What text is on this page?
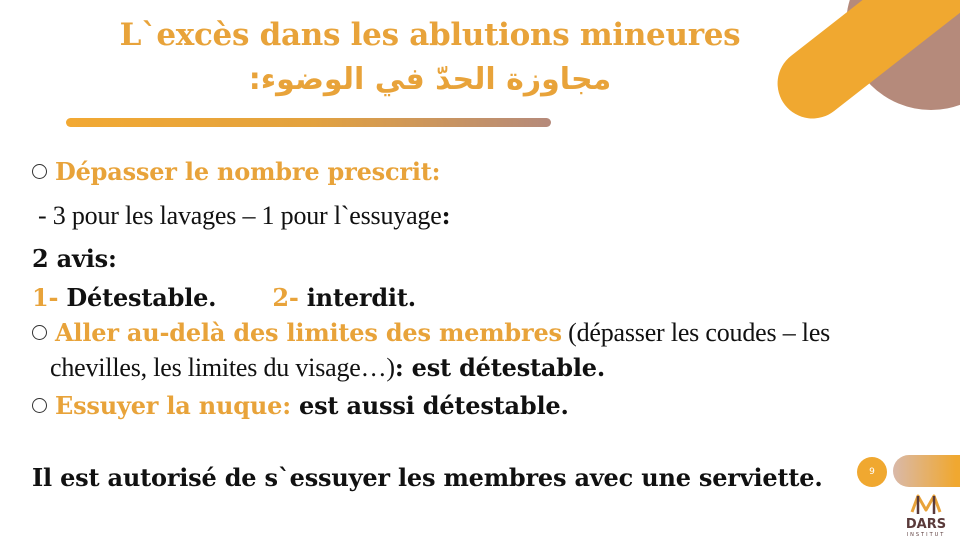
L`excès dans les ablutions mineures
مجاوزة الحدّ في الوضوء:
Dépasser le nombre prescrit:
- 3 pour les lavages – 1 pour l`essuyage:
2 avis:
1- Détestable. 2- interdit.
Aller au-delà des limites des membres (dépasser les coudes – les
chevilles, les limites du visage…): est détestable.
Essuyer la nuque: est aussi détestable.
Il est autorisé de s`essuyer les membres avec une serviette.	9
DARS
INSTITUT
